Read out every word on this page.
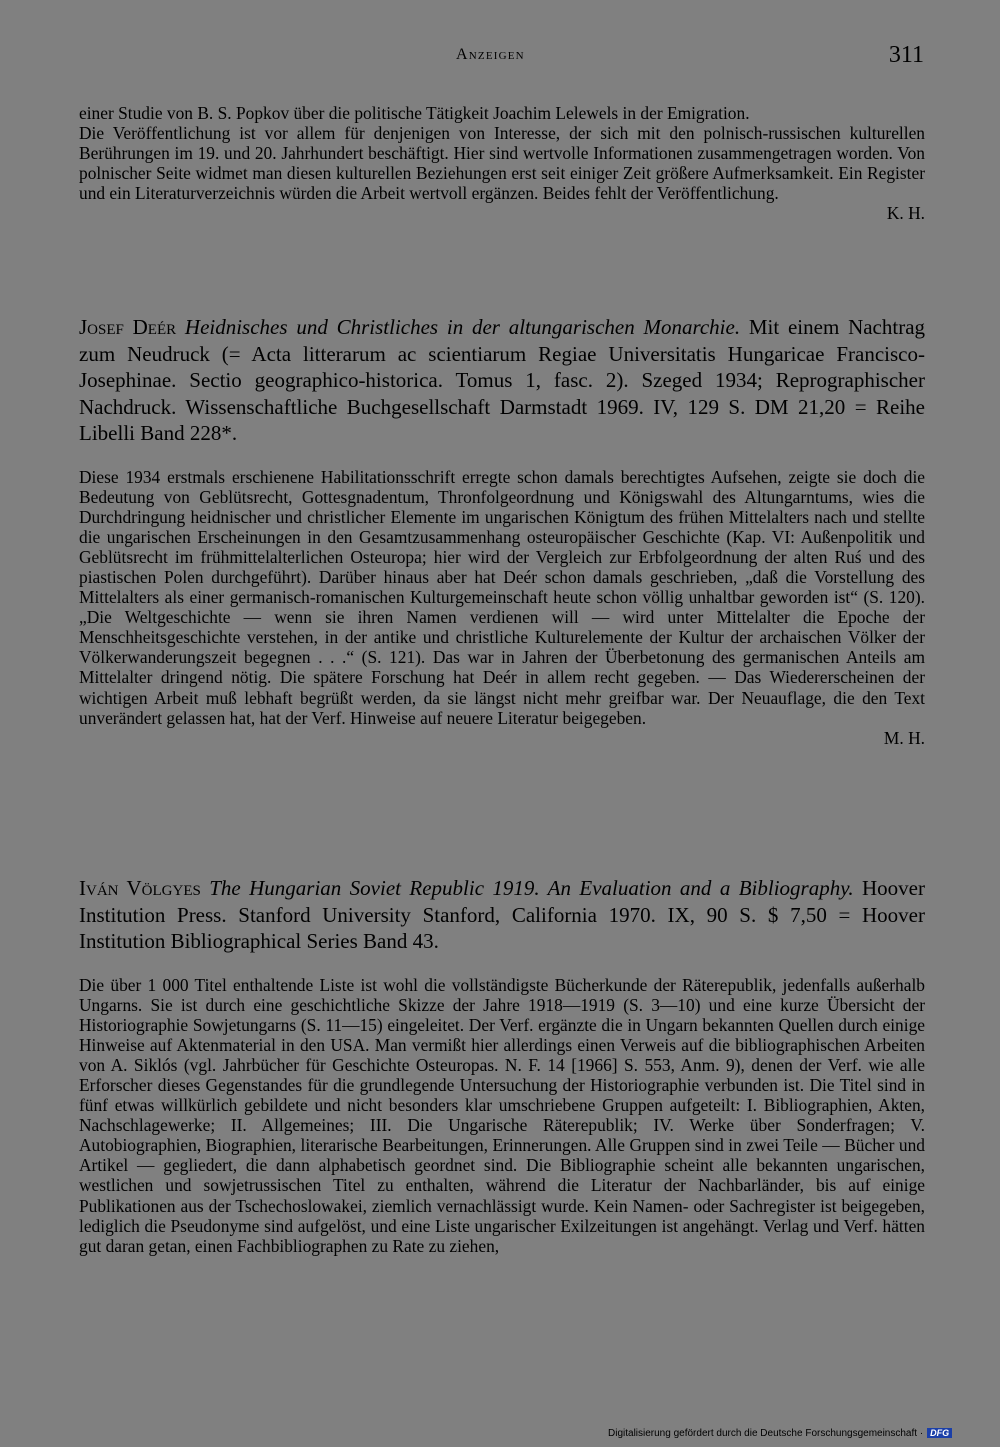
Anzeigen	311

einer Studie von B. S. Popkov über die politische Tätigkeit Joachim Lelewels in der Emigration.

Die Veröffentlichung ist vor allem für denjenigen von Interesse, der sich mit den polnisch-russischen kulturellen Berührungen im 19. und 20. Jahrhundert beschäftigt. Hier sind wertvolle Informationen zusammengetragen worden. Von polnischer Seite widmet man diesen kulturellen Beziehungen erst seit einiger Zeit größere Aufmerksamkeit. Ein Register und ein Literaturverzeichnis würden die Arbeit wertvoll ergänzen. Beides fehlt der Veröffentlichung.

K. H.

Josef Deér Heidnisches und Christliches in der altungarischen Monarchie. Mit einem Nachtrag zum Neudruck (= Acta litterarum ac scientiarum Regiae Universitatis Hungaricae Francisco-Josephinae. Sectio geographico-historica. Tomus 1, fasc. 2). Szeged 1934; Reprographischer Nachdruck. Wissenschaftliche Buchgesellschaft Darmstadt 1969. IV, 129 S. DM 21,20 = Reihe Libelli Band 228*.

Diese 1934 erstmals erschienene Habilitationsschrift erregte schon damals berechtigtes Aufsehen, zeigte sie doch die Bedeutung von Geblütsrecht, Gottesgnadentum, Thronfolgeordnung und Königswahl des Altungarntums, wies die Durchdringung heidnischer und christlicher Elemente im ungarischen Königtum des frühen Mittelalters nach und stellte die ungarischen Erscheinungen in den Gesamtzusammenhang osteuropäischer Geschichte (Kap. VI: Außenpolitik und Geblütsrecht im frühmittelalterlichen Osteuropa; hier wird der Vergleich zur Erbfolgeordnung der alten Ruś und des piastischen Polen durchgeführt). Darüber hinaus aber hat Deér schon damals geschrieben, „daß die Vorstellung des Mittelalters als einer germanisch-romanischen Kulturgemeinschaft heute schon völlig unhaltbar geworden ist“ (S. 120). „Die Weltgeschichte — wenn sie ihren Namen verdienen will — wird unter Mittelalter die Epoche der Menschheitsgeschichte verstehen, in der antike und christliche Kulturelemente der Kultur der archaischen Völker der Völkerwanderungszeit begegnen . . .“ (S. 121). Das war in Jahren der Überbetonung des germanischen Anteils am Mittelalter dringend nötig. Die spätere Forschung hat Deér in allem recht gegeben. — Das Wiedererscheinen der wichtigen Arbeit muß lebhaft begrüßt werden, da sie längst nicht mehr greifbar war. Der Neuauflage, die den Text unverändert gelassen hat, hat der Verf. Hinweise auf neuere Literatur beigegeben.

M. H.

Iván Völgyes The Hungarian Soviet Republic 1919. An Evaluation and a Bibliography. Hoover Institution Press. Stanford University Stanford, California 1970. IX, 90 S. $ 7,50 = Hoover Institution Bibliographical Series Band 43.

Die über 1 000 Titel enthaltende Liste ist wohl die vollständigste Bücherkunde der Räterepublik, jedenfalls außerhalb Ungarns. Sie ist durch eine geschichtliche Skizze der Jahre 1918—1919 (S. 3—10) und eine kurze Übersicht der Historiographie Sowjetungarns (S. 11—15) eingeleitet. Der Verf. ergänzte die in Ungarn bekannten Quellen durch einige Hinweise auf Aktenmaterial in den USA. Man vermißt hier allerdings einen Verweis auf die bibliographischen Arbeiten von A. Siklós (vgl. Jahrbücher für Geschichte Osteuropas. N. F. 14 [1966] S. 553, Anm. 9), denen der Verf. wie alle Erforscher dieses Gegenstandes für die grundlegende Untersuchung der Historiographie verbunden ist. Die Titel sind in fünf etwas willkürlich gebildete und nicht besonders klar umschriebene Gruppen aufgeteilt: I. Bibliographien, Akten, Nachschlagewerke; II. Allgemeines; III. Die Ungarische Räterepublik; IV. Werke über Sonderfragen; V. Autobiographien, Biographien, literarische Bearbeitungen, Erinnerungen. Alle Gruppen sind in zwei Teile — Bücher und Artikel — gegliedert, die dann alphabetisch geordnet sind. Die Bibliographie scheint alle bekannten ungarischen, westlichen und sowjetrussischen Titel zu enthalten, während die Literatur der Nachbarländer, bis auf einige Publikationen aus der Tschechoslowakei, ziemlich vernachlässigt wurde. Kein Namen- oder Sachregister ist beigegeben, lediglich die Pseudonyme sind aufgelöst, und eine Liste ungarischer Exilzeitungen ist angehängt. Verlag und Verf. hätten gut daran getan, einen Fachbibliographen zu Rate zu ziehen,

Digitalisierung gefördert durch die Deutsche Forschungsgemeinschaft · DFG
